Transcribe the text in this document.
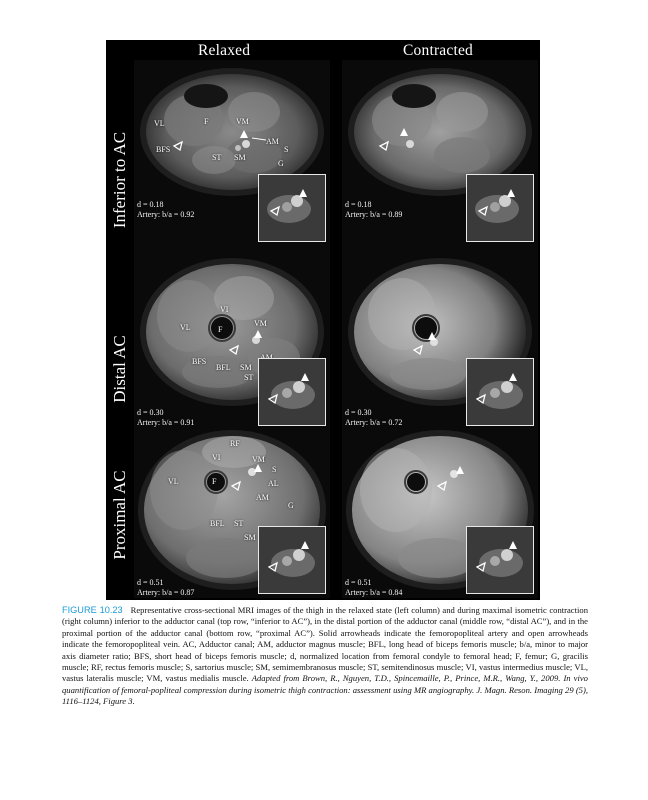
Relaxed	Contracted
Inferior to AC
Distal AC
Proximal AC
VL	F	VM
AM
BFS	S
ST SM
G
d = 0.18
Artery: b/a = 0.92
d = 0.18
Artery: b/a = 0.89
VI
VL	F
VM
BFS
BFL SM
ST
d = 0.30
Artery: b/a = 0.91
d = 0.30
Artery: b/a = 0.72
RF
VI	VM
S
VL	F	AL
AM
G
BFL ST
SM
d = 0.51
Artery: b/a = 0.87
d = 0.51
Artery: b/a = 0.84
FIGURE 10.23 Representative cross-sectional MRI images of the thigh in the relaxed state (left column) and during maximal isometric contraction (right column) inferior to the adductor canal (top row, “inferior to AC”), in the distal portion of the adductor canal (middle row, “distal AC”), and in the proximal portion of the adductor canal (bottom row, “proximal AC”). Solid arrowheads indicate the femoropopliteal artery and open arrowheads indicate the femoropopliteal vein. AC, Adductor canal; AM, adductor magnus muscle; BFL, long head of biceps femoris muscle; b/a, minor to major axis diameter ratio; BFS, short head of biceps femoris muscle; d, normalized location from femoral condyle to femoral head; F, femur; G, gracilis muscle; RF, rectus femoris muscle; S, sartorius muscle; SM, semimembranosus muscle; ST, semitendinosus muscle; VI, vastus intermedius muscle; VL, vastus lateralis muscle; VM, vastus medialis muscle. Adapted from Brown, R., Nguyen, T.D., Spincemaille, P., Prince, M.R., Wang, Y., 2009. In vivo quantification of femoral-popliteal compression during isometric thigh contraction: assessment using MR angiography. J. Magn. Reson. Imaging 29 (5), 1116–1124, Figure 3.
